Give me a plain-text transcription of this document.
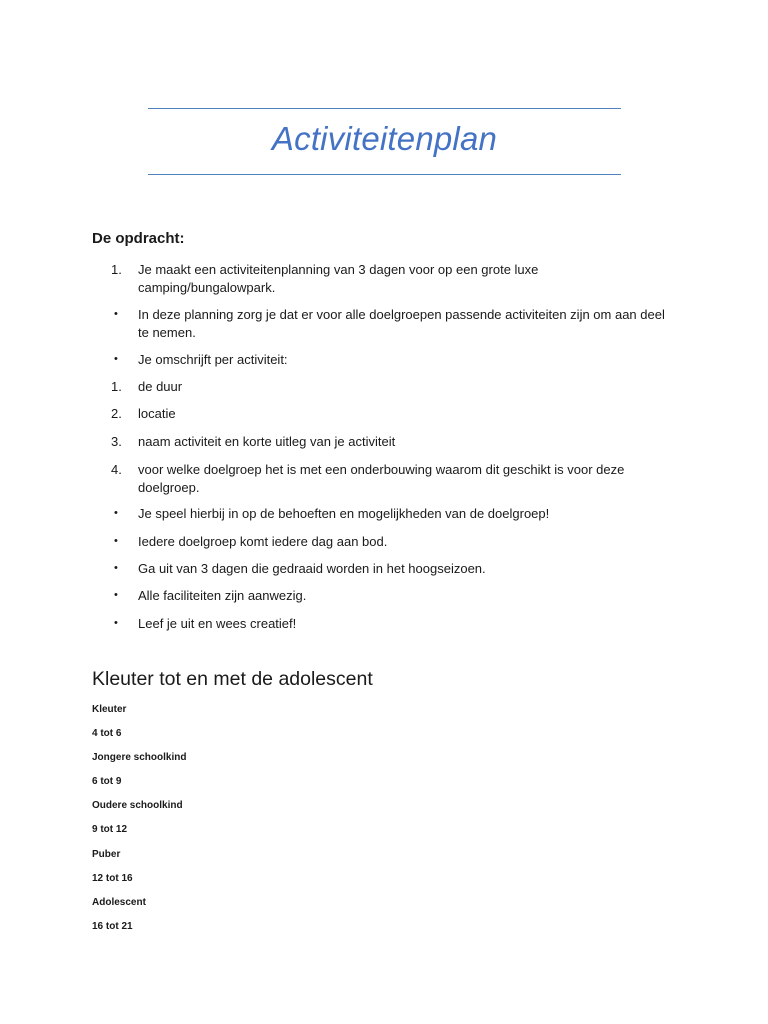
Activiteitenplan
De opdracht:
1. Je maakt een activiteitenplanning van 3 dagen voor op een grote luxe camping/bungalowpark.
• In deze planning zorg je dat er voor alle doelgroepen passende activiteiten zijn om aan deel te nemen.
• Je omschrijft per activiteit:
1. de duur
2. locatie
3. naam activiteit en korte uitleg van je activiteit
4. voor welke doelgroep het is met een onderbouwing waarom dit geschikt is voor deze doelgroep.
• Je speel hierbij in op de behoeften en mogelijkheden van de doelgroep!
• Iedere doelgroep komt iedere dag aan bod.
• Ga uit van 3 dagen die gedraaid worden in het hoogseizoen.
• Alle faciliteiten zijn aanwezig.
• Leef je uit en wees creatief!
Kleuter tot en met de adolescent
Kleuter
4 tot 6
Jongere schoolkind
6 tot 9
Oudere schoolkind
9 tot 12
Puber
12 tot 16
Adolescent
16 tot 21
